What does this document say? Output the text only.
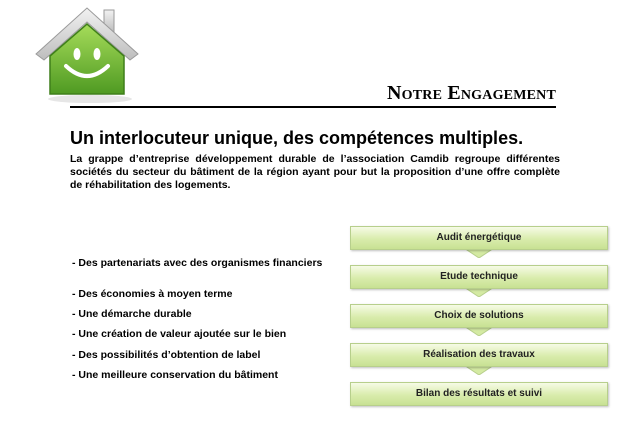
Notre Engagement
Un interlocuteur unique, des compétences multiples.
La grappe d’entreprise développement durable de l’association Camdib regroupe différentes sociétés du secteur du bâtiment de la région ayant pour but la proposition d’une offre complète de réhabilitation des logements.
- Des partenariats avec des organismes financiers
- Des économies à moyen terme
- Une démarche durable
- Une création de valeur ajoutée sur le bien
- Des possibilités d’obtention de label
- Une meilleure conservation du bâtiment
Audit énergétique
Etude technique
Choix de solutions
Réalisation des travaux
Bilan des résultats et suivi
